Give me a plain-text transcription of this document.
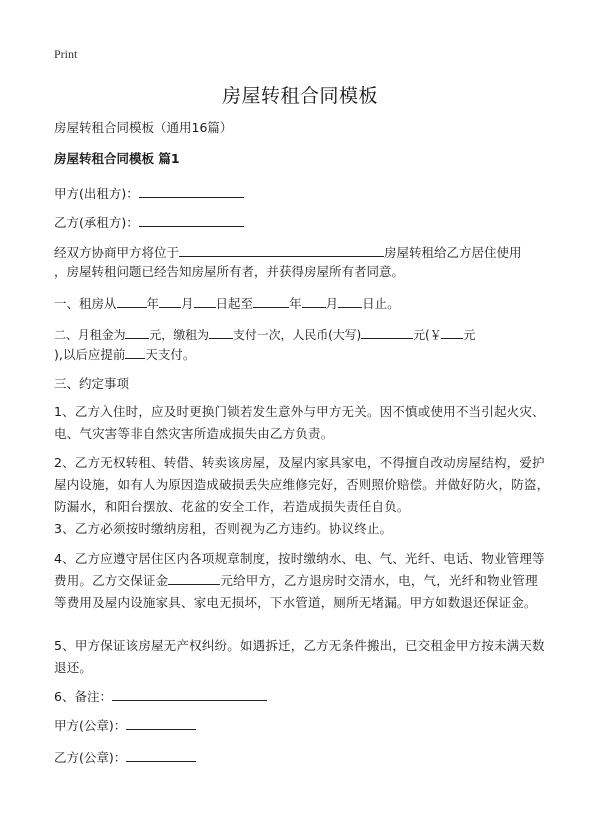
Print
房屋转租合同模板
房屋转租合同模板（通用16篇）
房屋转租合同模板 篇1
甲方(出租方)：
乙方(承租方)：
经双方协商甲方将位于	房屋转租给乙方居住使用
，房屋转租问题已经告知房屋所有者，并获得房屋所有者同意。
一、租房从 年 月 日起至	年 月 日止。
二、月租金为 元，缴租为 支付一次，人民币(大写)	元(￥ 元
),以后应提前 天支付。
三、约定事项
1、乙方入住时，应及时更换门锁若发生意外与甲方无关。因不慎或使用不当引起火灾、电、气灾害等非自然灾害所造成损失由乙方负责。
2、乙方无权转租、转借、转卖该房屋，及屋内家具家电，不得擅自改动房屋结构，爱护屋内设施，如有人为原因造成破损丢失应维修完好，否则照价赔偿。并做好防火，防盗，防漏水，和阳台摆放、花盆的安全工作，若造成损失责任自负。
3、乙方必须按时缴纳房租，否则视为乙方违约。协议终止。
4、乙方应遵守居住区内各项规章制度，按时缴纳水、电、气、光纤、电话、物业管理等费用。乙方交保证金	元给甲方，乙方退房时交清水，电，气，光纤和物业管理等费用及屋内设施家具、家电无损坏，下水管道，厕所无堵漏。甲方如数退还保证金。
5、甲方保证该房屋无产权纠纷。如遇拆迁，乙方无条件搬出，已交租金甲方按未满天数退还。
6、备注：
甲方(公章)：
乙方(公章)：
